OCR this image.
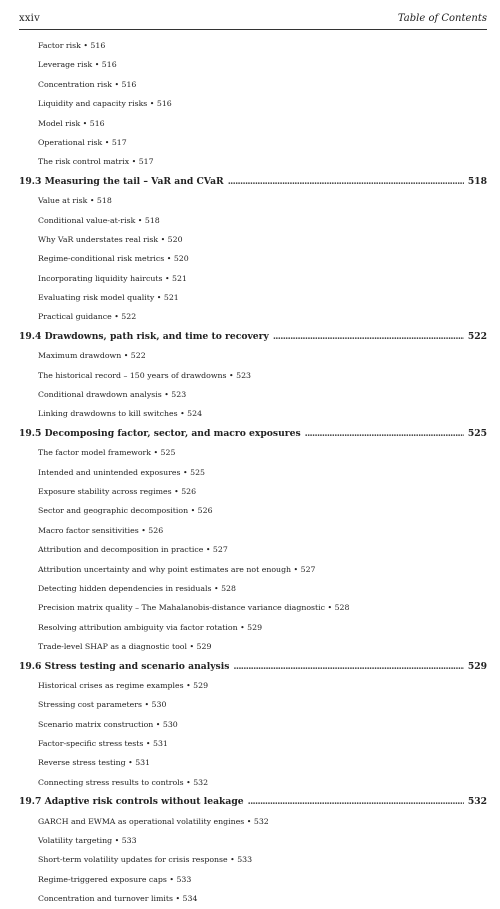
xxiv	Table of Contents
Factor risk • 516
Leverage risk • 516
Concentration risk • 516
Liquidity and capacity risks • 516
Model risk • 516
Operational risk • 517
The risk control matrix • 517
19.3 Measuring the tail – VaR and CVaR . . .	518
Value at risk • 518
Conditional value-at-risk • 518
Why VaR understates real risk • 520
Regime-conditional risk metrics • 520
Incorporating liquidity haircuts • 521
Evaluating risk model quality • 521
Practical guidance • 522
19.4 Drawdowns, path risk, and time to recovery . . .	522
Maximum drawdown • 522
The historical record – 150 years of drawdowns • 523
Conditional drawdown analysis • 523
Linking drawdowns to kill switches • 524
19.5 Decomposing factor, sector, and macro exposures . . .	525
The factor model framework • 525
Intended and unintended exposures • 525
Exposure stability across regimes • 526
Sector and geographic decomposition • 526
Macro factor sensitivities • 526
Attribution and decomposition in practice • 527
Attribution uncertainty and why point estimates are not enough • 527
Detecting hidden dependencies in residuals • 528
Precision matrix quality – The Mahalanobis-distance variance diagnostic • 528
Resolving attribution ambiguity via factor rotation • 529
Trade-level SHAP as a diagnostic tool • 529
19.6 Stress testing and scenario analysis . . .	529
Historical crises as regime examples • 529
Stressing cost parameters • 530
Scenario matrix construction • 530
Factor-specific stress tests • 531
Reverse stress testing • 531
Connecting stress results to controls • 532
19.7 Adaptive risk controls without leakage . . .	532
GARCH and EWMA as operational volatility engines • 532
Volatility targeting • 533
Short-term volatility updates for crisis response • 533
Regime-triggered exposure caps • 533
Concentration and turnover limits • 534
